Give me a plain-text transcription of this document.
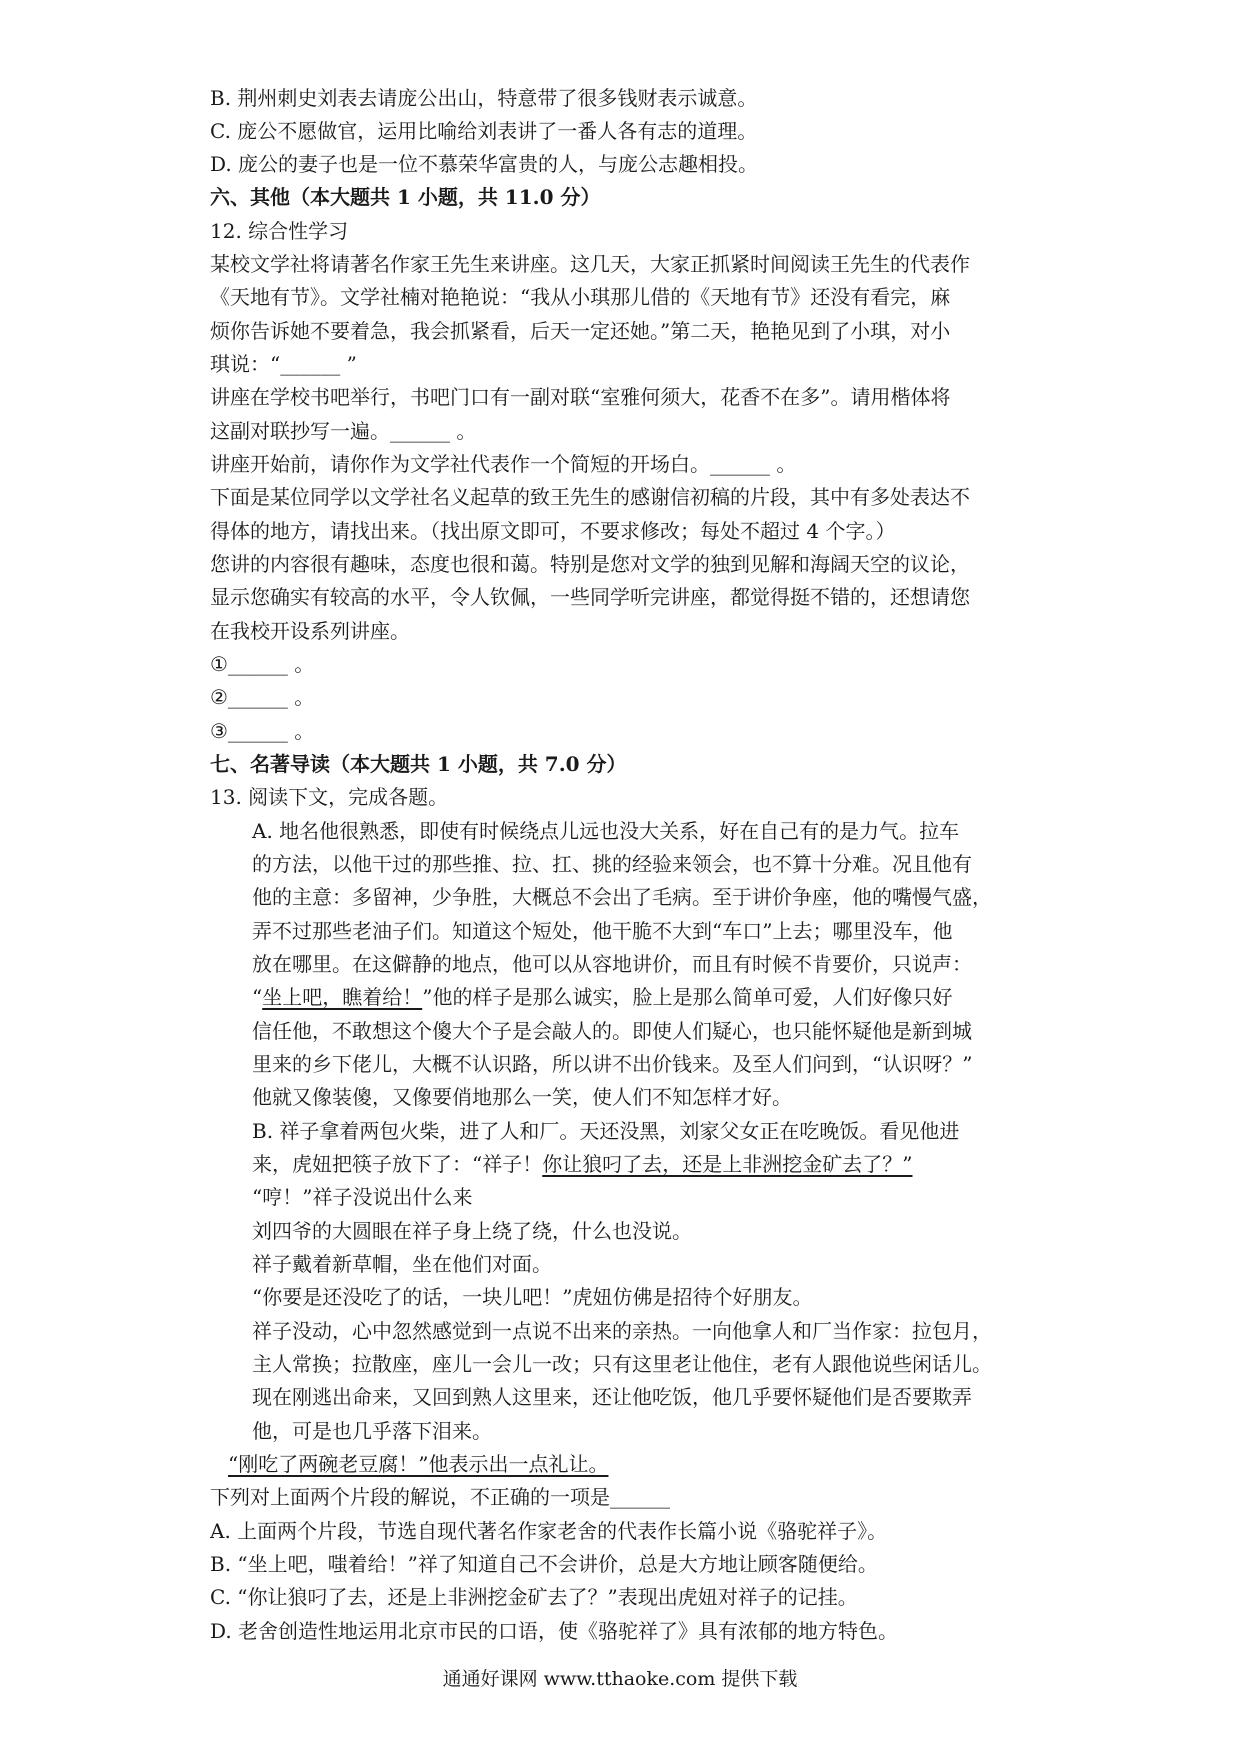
B. 荆州刺史刘表去请庞公出山，特意带了很多钱财表示诚意。
C. 庞公不愿做官，运用比喻给刘表讲了一番人各有志的道理。
D. 庞公的妻子也是一位不慕荣华富贵的人，与庞公志趣相投。
六、其他（本大题共 1 小题，共 11.0 分）
12. 综合性学习
某校文学社将请著名作家王先生来讲座。这几天，大家正抓紧时间阅读王先生的代表作
《天地有节》。文学社楠对艳艳说：“我从小琪那儿借的《天地有节》还没有看完，麻
烦你告诉她不要着急，我会抓紧看，后天一定还她。”第二天，艳艳见到了小琪，对小
琪说：“______ ”
讲座在学校书吧举行，书吧门口有一副对联“室雅何须大，花香不在多”。请用楷体将
这副对联抄写一遍。______ 。
讲座开始前，请你作为文学社代表作一个简短的开场白。______ 。
下面是某位同学以文学社名义起草的致王先生的感谢信初稿的片段，其中有多处表达不
得体的地方，请找出来。（找出原文即可，不要求修改；每处不超过 4 个字。）
您讲的内容很有趣味，态度也很和蔼。特别是您对文学的独到见解和海阔天空的议论，
显示您确实有较高的水平，令人钦佩，一些同学听完讲座，都觉得挺不错的，还想请您
在我校开设系列讲座。
①______ 。
②______ 。
③______ 。
七、名著导读（本大题共 1 小题，共 7.0 分）
13. 阅读下文，完成各题。
A. 地名他很熟悉，即使有时候绕点儿远也没大关系，好在自己有的是力气。拉车
的方法，以他干过的那些推、拉、扛、挑的经验来领会，也不算十分难。况且他有
他的主意：多留神，少争胜，大概总不会出了毛病。至于讲价争座，他的嘴慢气盛，
弄不过那些老油子们。知道这个短处，他干脆不大到“车口”上去；哪里没车，他
放在哪里。在这僻静的地点，他可以从容地讲价，而且有时候不肯要价，只说声：
“坐上吧，瞧着给！”他的样子是那么诚实，脸上是那么简单可爱，人们好像只好
信任他，不敢想这个傻大个子是会敲人的。即使人们疑心，也只能怀疑他是新到城
里来的乡下佬儿，大概不认识路，所以讲不出价钱来。及至人们问到，“认识呀？”
他就又像装傻，又像要俏地那么一笑，使人们不知怎样才好。
B. 祥子拿着两包火柴，进了人和厂。天还没黑，刘家父女正在吃晚饭。看见他进
来，虎妞把筷子放下了：“祥子！你让狼叼了去，还是上非洲挖金矿去了？”
“哼！”祥子没说出什么来
刘四爷的大圆眼在祥子身上绕了绕，什么也没说。
祥子戴着新草帽，坐在他们对面。
“你要是还没吃了的话，一块儿吧！”虎妞仿佛是招待个好朋友。
祥子没动，心中忽然感觉到一点说不出来的亲热。一向他拿人和厂当作家：拉包月，
主人常换；拉散座，座儿一会儿一改；只有这里老让他住，老有人跟他说些闲话儿。
现在刚逃出命来，又回到熟人这里来，还让他吃饭，他几乎要怀疑他们是否要欺弄
他，可是也几乎落下泪来。
“刚吃了两碗老豆腐！”他表示出一点礼让。
下列对上面两个片段的解说，不正确的一项是______
A. 上面两个片段，节选自现代著名作家老舍的代表作长篇小说《骆驼祥子》。
B. “坐上吧，嗤着给！”祥了知道自己不会讲价，总是大方地让顾客随便给。
C. “你让狼叼了去，还是上非洲挖金矿去了？”表现出虎妞对祥子的记挂。
D. 老舍创造性地运用北京市民的口语，使《骆驼祥了》具有浓郁的地方特色。
通通好课网 www.tthaoke.com 提供下载
